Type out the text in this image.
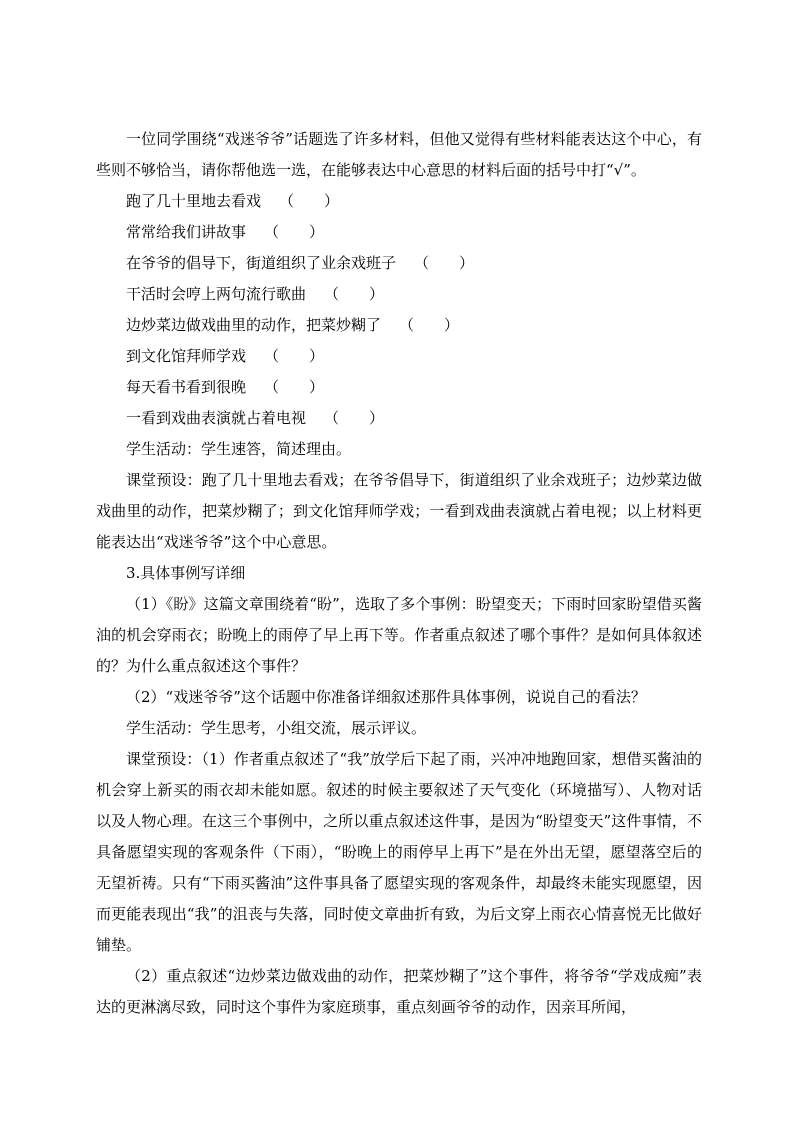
一位同学围绕“戏迷爷爷”话题选了许多材料，但他又觉得有些材料能表达这个中心，有些则不够恰当，请你帮他选一选，在能够表达中心意思的材料后面的括号中打“√”。

跑了几十里地去看戏 （　　）

常常给我们讲故事 （　　）

在爷爷的倡导下，街道组织了业余戏班子 （　　）

干活时会哼上两句流行歌曲 （　　）

边炒菜边做戏曲里的动作，把菜炒糊了 （　　）

到文化馆拜师学戏 （　　）

每天看书看到很晚 （　　）

一看到戏曲表演就占着电视 （　　）

学生活动：学生速答，简述理由。

课堂预设：跑了几十里地去看戏；在爷爷倡导下，街道组织了业余戏班子；边炒菜边做戏曲里的动作，把菜炒糊了；到文化馆拜师学戏；一看到戏曲表演就占着电视；以上材料更能表达出“戏迷爷爷”这个中心意思。

3.具体事例写详细

（1）《盼》这篇文章围绕着“盼”，选取了多个事例：盼望变天；下雨时回家盼望借买酱油的机会穿雨衣；盼晚上的雨停了早上再下等。作者重点叙述了哪个事件？是如何具体叙述的？为什么重点叙述这个事件？

（2）“戏迷爷爷”这个话题中你准备详细叙述那件具体事例，说说自己的看法？

学生活动：学生思考，小组交流，展示评议。

课堂预设：（1）作者重点叙述了“我”放学后下起了雨，兴冲冲地跑回家，想借买酱油的机会穿上新买的雨衣却未能如愿。叙述的时候主要叙述了天气变化（环境描写）、人物对话以及人物心理。在这三个事例中，之所以重点叙述这件事，是因为“盼望变天”这件事情，不具备愿望实现的客观条件（下雨），“盼晚上的雨停早上再下”是在外出无望，愿望落空后的无望祈祷。只有“下雨买酱油”这件事具备了愿望实现的客观条件，却最终未能实现愿望，因而更能表现出“我”的沮丧与失落，同时使文章曲折有致，为后文穿上雨衣心情喜悦无比做好铺垫。

（2）重点叙述“边炒菜边做戏曲的动作，把菜炒糊了”这个事件，将爷爷“学戏成痴”表达的更淋漓尽致，同时这个事件为家庭琐事，重点刻画爷爷的动作，因亲耳所闻，
